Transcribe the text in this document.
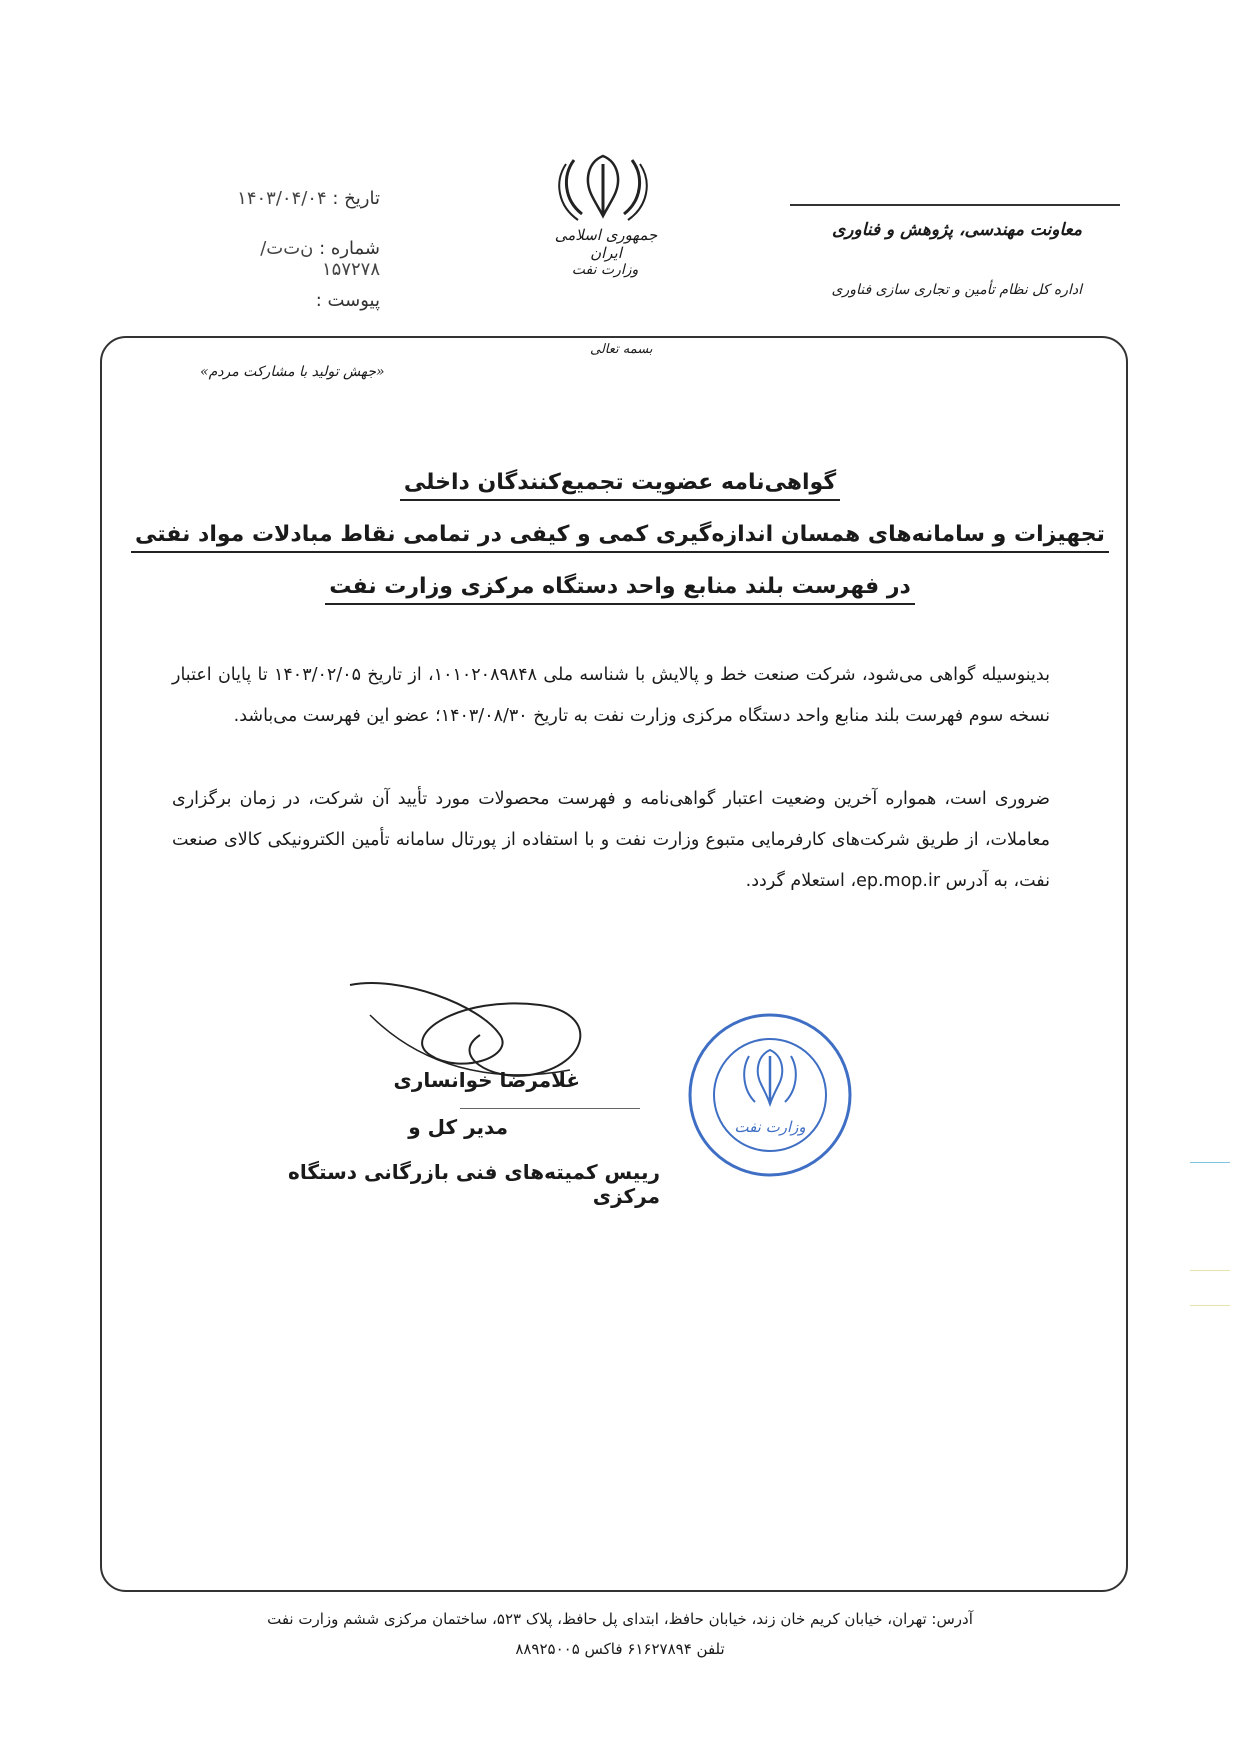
تاریخ : ۱۴۰۳/۰۴/۰۴
شماره : ن‌ت‌ت/ ۱۵۷۲۷۸
پیوست :
جمهوری اسلامی ایران
وزارت نفت
معاونت مهندسی، پژوهش و فناوری
اداره کل نظام تأمین و تجاری سازی فناوری
بسمه تعالی
«جهش تولید با مشارکت مردم»
گواهی‌نامه عضویت تجمیع‌کنندگان داخلی
تجهیزات و سامانه‌های همسان اندازه‌گیری کمی و کیفی در تمامی نقاط مبادلات مواد نفتی
در فهرست بلند منابع واحد دستگاه مرکزی وزارت نفت
بدینوسیله گواهی می‌شود، شرکت صنعت خط و پالایش با شناسه ملی ۱۰۱۰۲۰۸۹۸۴۸، از تاریخ ۱۴۰۳/۰۲/۰۵ تا پایان اعتبار نسخه سوم فهرست بلند منابع واحد دستگاه مرکزی وزارت نفت به تاریخ ۱۴۰۳/۰۸/۳۰؛ عضو این فهرست می‌باشد.
ضروری است، همواره آخرین وضعیت اعتبار گواهی‌نامه و فهرست محصولات مورد تأیید آن شرکت، در زمان برگزاری معاملات، از طریق شرکت‌های کارفرمایی متبوع وزارت نفت و با استفاده از پورتال سامانه تأمین الکترونیکی کالای صنعت نفت، به آدرس ep.mop.ir، استعلام گردد.
غلامرضا خوانساری
مدیر کل و
رییس کمیته‌های فنی بازرگانی دستگاه مرکزی
وزارت نفت
آدرس: تهران، خیابان کریم خان زند، خیابان حافظ، ابتدای پل حافظ، پلاک ۵۲۳، ساختمان مرکزی ششم وزارت نفت
تلفن ۶۱۶۲۷۸۹۴ فاکس ۸۸۹۲۵۰۰۵
